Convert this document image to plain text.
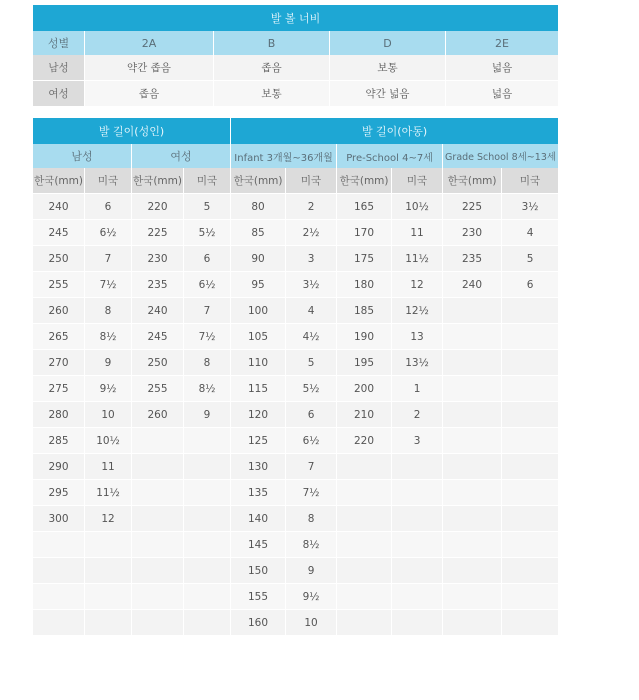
발 볼 너비				
성별	2A	B	D	2E
남성	약간 좁음	좁음	보통	넓음
여성	좁음	보통	약간 넓음	넓음
발 길이(성인)				발 길이(아동)					
남성		여성		Infant 3개월~36개월		Pre-School 4~7세		Grade School 8세~13세	
한국(mm)	미국	한국(mm)	미국	한국(mm)	미국	한국(mm)	미국	한국(mm)	미국
240	6	220	5	80	2	165	10½	225	3½
245	6½	225	5½	85	2½	170	11	230	4
250	7	230	6	90	3	175	11½	235	5
255	7½	235	6½	95	3½	180	12	240	6
260	8	240	7	100	4	185	12½		
265	8½	245	7½	105	4½	190	13		
270	9	250	8	110	5	195	13½		
275	9½	255	8½	115	5½	200	1		
280	10	260	9	120	6	210	2		
285	10½			125	6½	220	3		
290	11			130	7				
295	11½			135	7½				
300	12			140	8				
				145	8½				
				150	9				
				155	9½				
				160	10				
